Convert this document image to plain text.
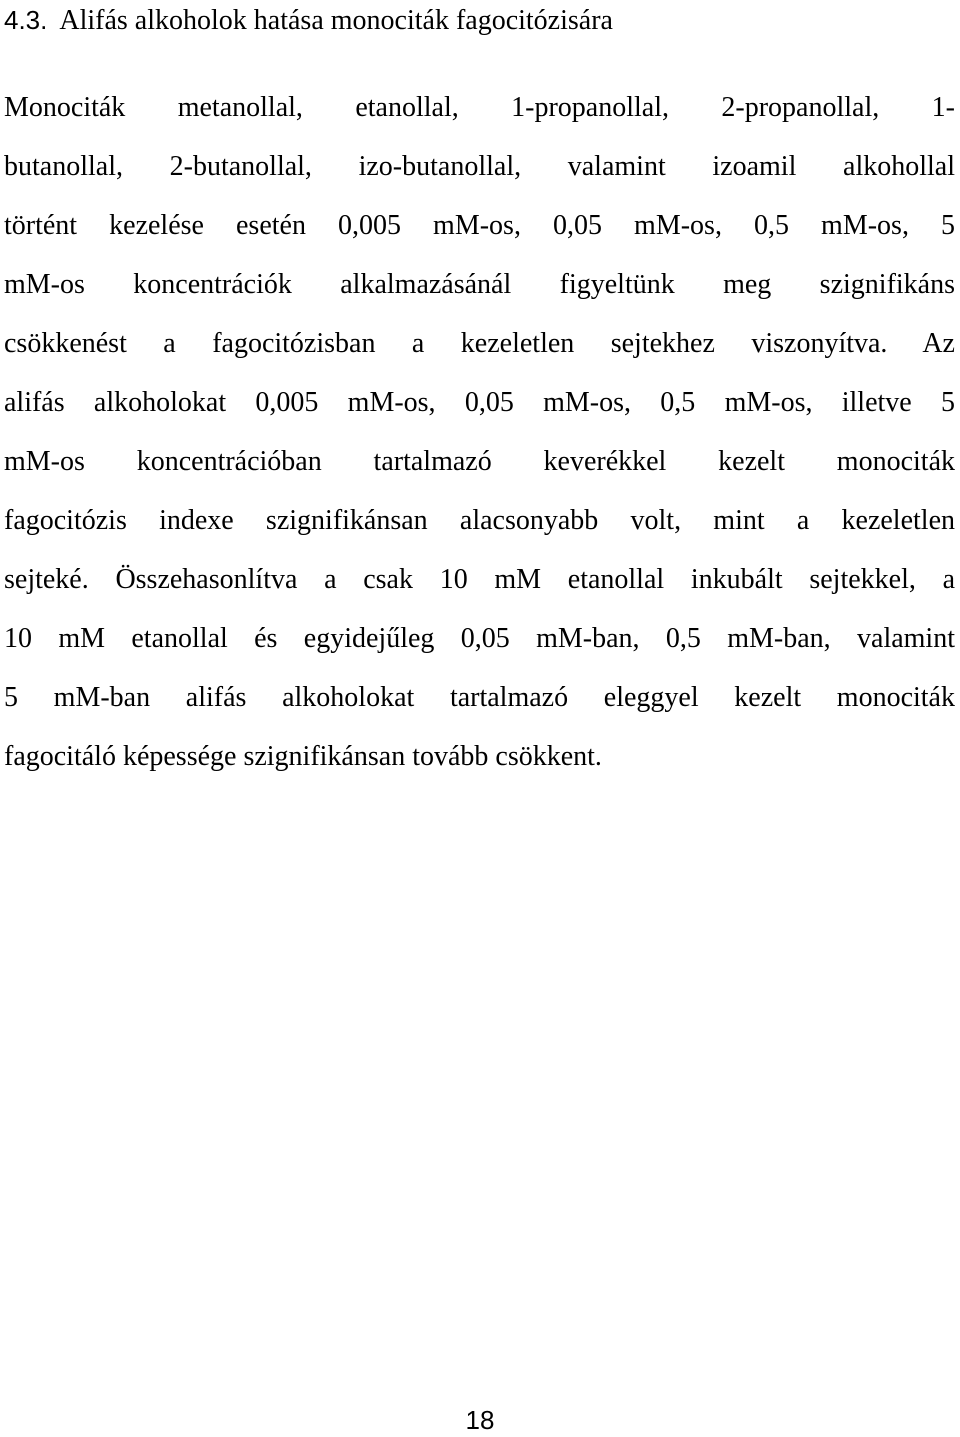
4.3. Alifás alkoholok hatása monociták fagocitózisára
Monociták metanollal, etanollal, 1-propanollal, 2-propanollal, 1-
butanollal, 2-butanollal, izo-butanollal, valamint izoamil alkohollal
történt kezelése esetén 0,005 mM-os, 0,05 mM-os, 0,5 mM-os, 5
mM-os koncentrációk alkalmazásánál figyeltünk meg szignifikáns
csökkenést a fagocitózisban a kezeletlen sejtekhez viszonyítva. Az
alifás alkoholokat 0,005 mM-os, 0,05 mM-os, 0,5 mM-os, illetve 5
mM-os koncentrációban tartalmazó keverékkel kezelt monociták
fagocitózis indexe szignifikánsan alacsonyabb volt, mint a kezeletlen
sejteké. Összehasonlítva a csak 10 mM etanollal inkubált sejtekkel, a
10 mM etanollal és egyidejűleg 0,05 mM-ban, 0,5 mM-ban, valamint
5 mM-ban alifás alkoholokat tartalmazó eleggyel kezelt monociták
fagocitáló képessége szignifikánsan tovább csökkent.
18
